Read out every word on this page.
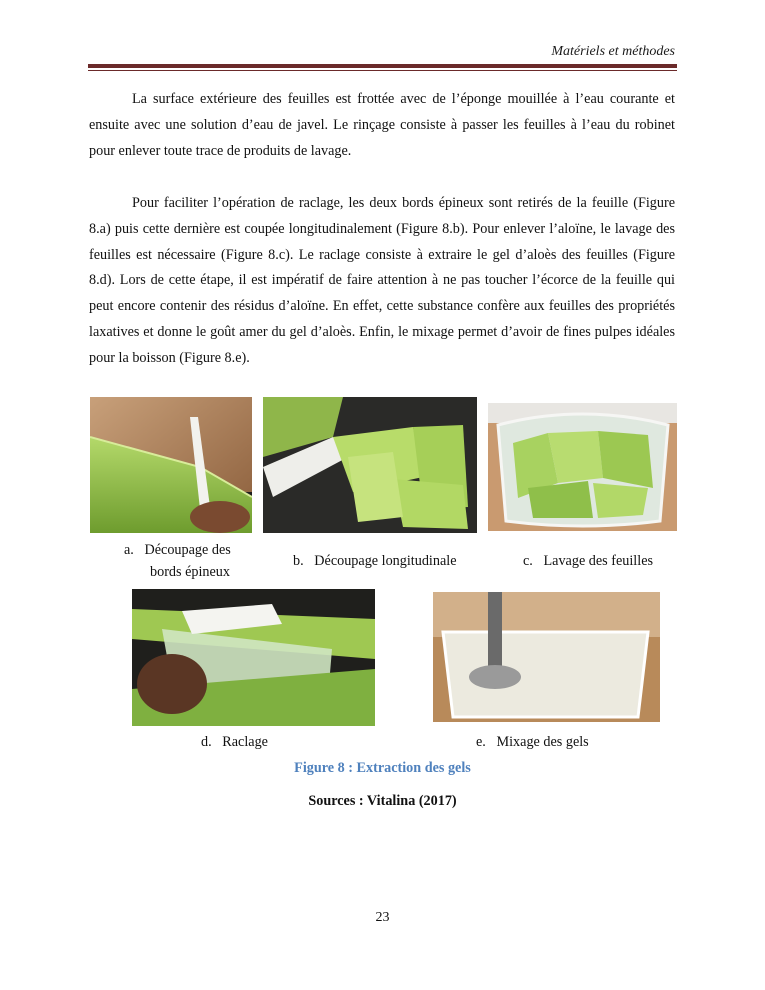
Matériels et méthodes

La surface extérieure des feuilles est frottée avec de l’éponge mouillée à l’eau courante et ensuite avec une solution d’eau de javel. Le rinçage consiste à passer les feuilles à l’eau du robinet pour enlever toute trace de produits de lavage.

Pour faciliter l’opération de raclage, les deux bords épineux sont retirés de la feuille (Figure 8.a) puis cette dernière est coupée longitudinalement (Figure 8.b). Pour enlever l’aloïne, le lavage des feuilles est nécessaire (Figure 8.c). Le raclage consiste à extraire le gel d’aloès des feuilles (Figure 8.d). Lors de cette étape, il est impératif de faire attention à ne pas toucher l’écorce de la feuille qui peut encore contenir des résidus d’aloïne. En effet, cette substance confère aux feuilles des propriétés laxatives et donne le goût amer du gel d’aloès. Enfin, le mixage permet d’avoir de fines pulpes idéales pour la boisson (Figure 8.e).

a. Découpage des
bords épineux
b. Découpage longitudinale	c. Lavage des feuilles
d. Raclage	e. Mixage des gels
Figure 8 : Extraction des gels
Sources : Vitalina (2017)
23
